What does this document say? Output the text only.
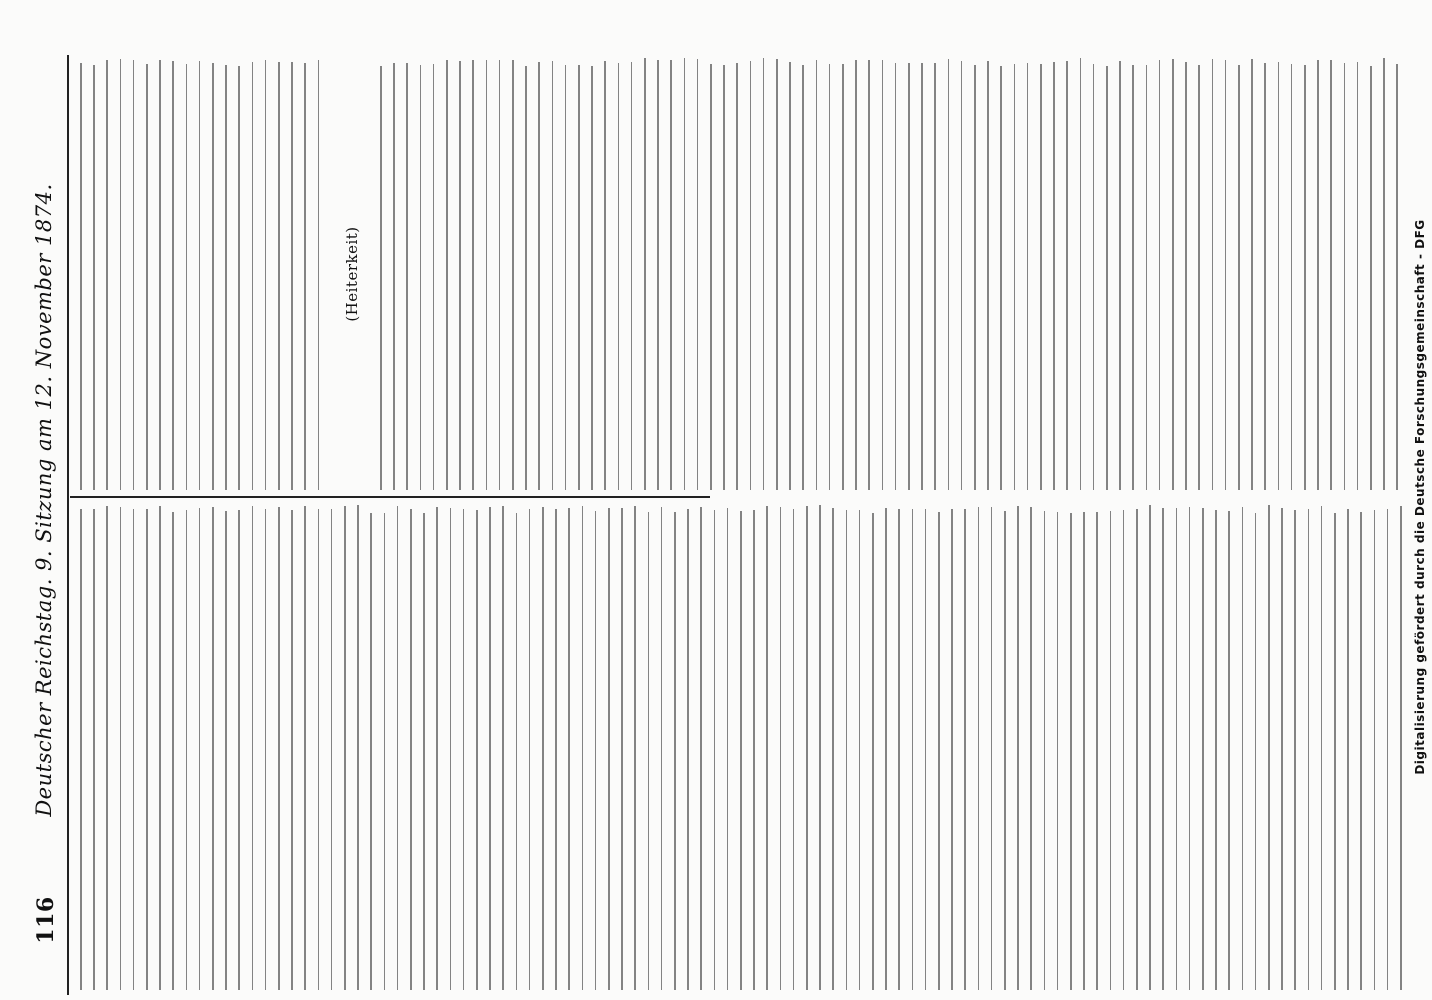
116
Deutscher Reichstag. 9. Sitzung am 12. November 1874.	(Heiterkeit)	Digitalisierung gefördert durch die Deutsche Forschungsgemeinschaft - DFG
